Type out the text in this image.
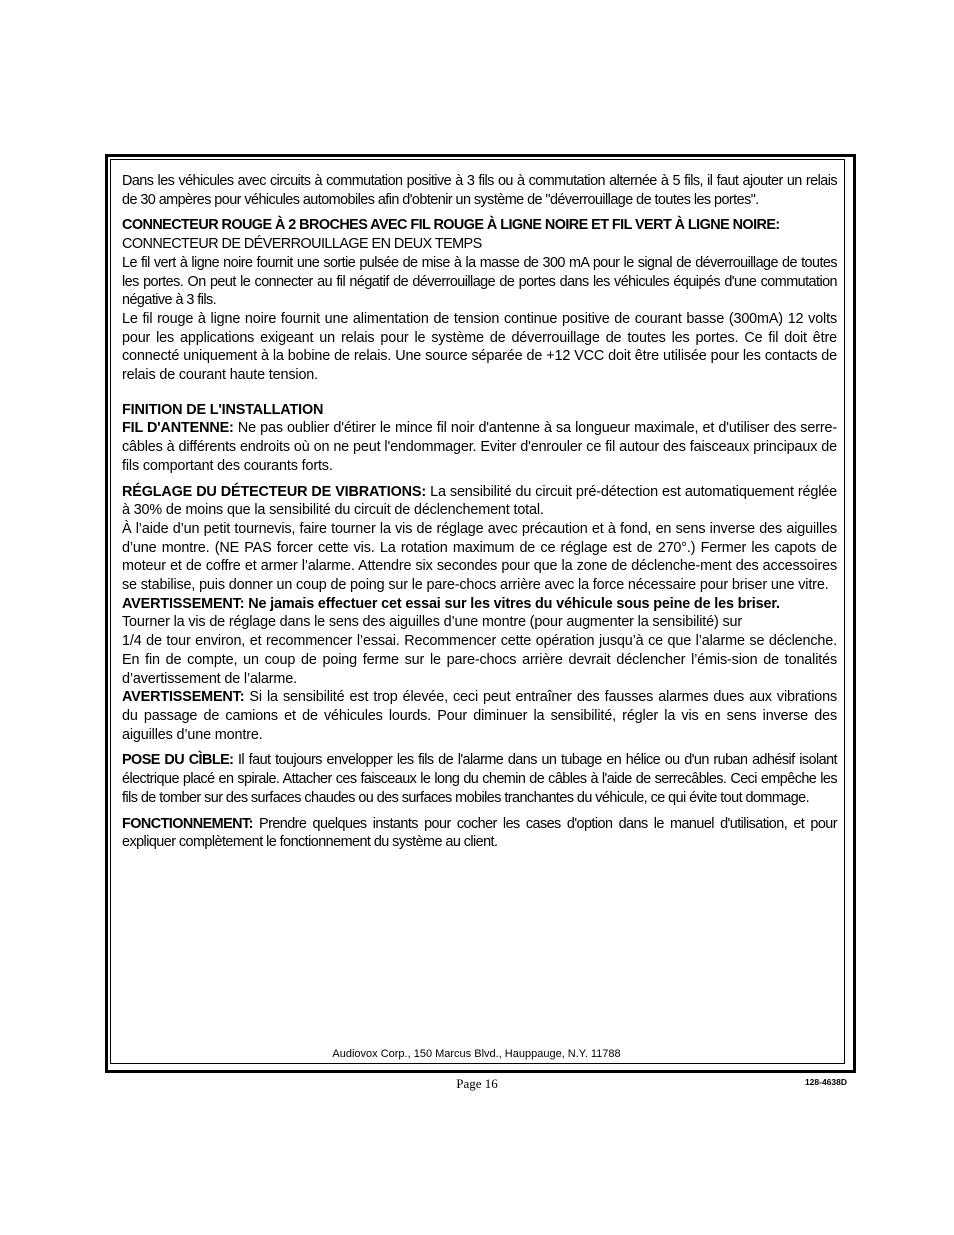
Dans les véhicules avec circuits à commutation positive à 3 fils ou à commutation alternée à 5 fils, il faut ajouter un relais de 30 ampères pour véhicules automobiles afin d'obtenir un système de "déverrouillage de toutes les portes".

CONNECTEUR ROUGE À 2 BROCHES AVEC FIL ROUGE À LIGNE NOIRE ET FIL VERT À LIGNE NOIRE:
CONNECTEUR DE DÉVERROUILLAGE EN DEUX TEMPS
Le fil vert à ligne noire fournit une sortie pulsée de mise à la masse de 300 mA pour le signal de déverrouillage de toutes les portes. On peut le connecter au fil négatif de déverrouillage de portes dans les véhicules équipés d'une commutation négative à 3 fils.
Le fil rouge à ligne noire fournit une alimentation de tension continue positive de courant basse (300mA) 12 volts pour les applications exigeant un relais pour le système de déverrouillage de toutes les portes. Ce fil doit être connecté uniquement à la bobine de relais. Une source séparée de +12 VCC doit être utilisée pour les contacts de relais de courant haute tension.

FINITION DE L'INSTALLATION
FIL D'ANTENNE: Ne pas oublier d'étirer le mince fil noir d'antenne à sa longueur maximale, et d'utiliser des serre-câbles à différents endroits où on ne peut l'endommager. Eviter d'enrouler ce fil autour des faisceaux principaux de fils comportant des courants forts.

RÉGLAGE DU DÉTECTEUR DE VIBRATIONS: La sensibilité du circuit pré-détection est automatiquement réglée à 30% de moins que la sensibilité du circuit de déclenchement total.
À l’aide d’un petit tournevis, faire tourner la vis de réglage avec précaution et à fond, en sens inverse des aiguilles d’une montre. (NE PAS forcer cette vis. La rotation maximum de ce réglage est de 270°.) Fermer les capots de moteur et de coffre et armer l’alarme. Attendre six secondes pour que la zone de déclenche-ment des accessoires se stabilise, puis donner un coup de poing sur le pare-chocs arrière avec la force nécessaire pour briser une vitre.
AVERTISSEMENT: Ne jamais effectuer cet essai sur les vitres du véhicule sous peine de les briser.
Tourner la vis de réglage dans le sens des aiguilles d’une montre (pour augmenter la sensibilité) sur
1/4 de tour environ, et recommencer l’essai. Recommencer cette opération jusqu’à ce que l’alarme se déclenche. En fin de compte, un coup de poing ferme sur le pare-chocs arrière devrait déclencher l’émis-sion de tonalités d’avertissement de l’alarme.
AVERTISSEMENT: Si la sensibilité est trop élevée, ceci peut entraîner des fausses alarmes dues aux vibrations du passage de camions et de véhicules lourds. Pour diminuer la sensibilité, régler la vis en sens inverse des aiguilles d’une montre.

POSE DU CÌBLE: Il faut toujours envelopper les fils de l'alarme dans un tubage en hélice ou d'un ruban adhésif isolant électrique placé en spirale. Attacher ces faisceaux le long du chemin de câbles à l'aide de serrecâbles. Ceci empêche les fils de tomber sur des surfaces chaudes ou des surfaces mobiles tranchantes du véhicule, ce qui évite tout dommage.

FONCTIONNEMENT: Prendre quelques instants pour cocher les cases d'option dans le manuel d'utilisation, et pour expliquer complètement le fonctionnement du système au client.

Audiovox Corp., 150 Marcus Blvd., Hauppauge, N.Y. 11788
Page 16	128-4638D
